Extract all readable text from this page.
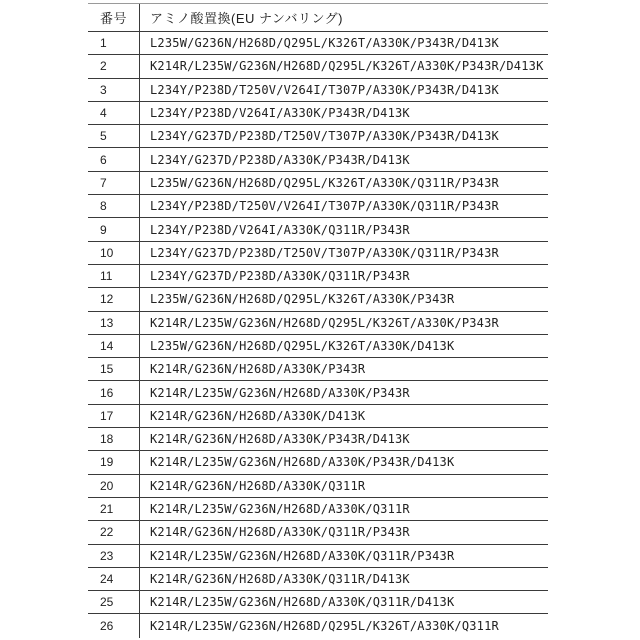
番号	アミノ酸置換(EU ナンバリング)
1	L235W/G236N/H268D/Q295L/K326T/A330K/P343R/D413K
2	K214R/L235W/G236N/H268D/Q295L/K326T/A330K/P343R/D413K
3	L234Y/P238D/T250V/V264I/T307P/A330K/P343R/D413K
4	L234Y/P238D/V264I/A330K/P343R/D413K
5	L234Y/G237D/P238D/T250V/T307P/A330K/P343R/D413K
6	L234Y/G237D/P238D/A330K/P343R/D413K
7	L235W/G236N/H268D/Q295L/K326T/A330K/Q311R/P343R
8	L234Y/P238D/T250V/V264I/T307P/A330K/Q311R/P343R
9	L234Y/P238D/V264I/A330K/Q311R/P343R
10	L234Y/G237D/P238D/T250V/T307P/A330K/Q311R/P343R
11	L234Y/G237D/P238D/A330K/Q311R/P343R
12	L235W/G236N/H268D/Q295L/K326T/A330K/P343R
13	K214R/L235W/G236N/H268D/Q295L/K326T/A330K/P343R
14	L235W/G236N/H268D/Q295L/K326T/A330K/D413K
15	K214R/G236N/H268D/A330K/P343R
16	K214R/L235W/G236N/H268D/A330K/P343R
17	K214R/G236N/H268D/A330K/D413K
18	K214R/G236N/H268D/A330K/P343R/D413K
19	K214R/L235W/G236N/H268D/A330K/P343R/D413K
20	K214R/G236N/H268D/A330K/Q311R
21	K214R/L235W/G236N/H268D/A330K/Q311R
22	K214R/G236N/H268D/A330K/Q311R/P343R
23	K214R/L235W/G236N/H268D/A330K/Q311R/P343R
24	K214R/G236N/H268D/A330K/Q311R/D413K
25	K214R/L235W/G236N/H268D/A330K/Q311R/D413K
26	K214R/L235W/G236N/H268D/Q295L/K326T/A330K/Q311R
